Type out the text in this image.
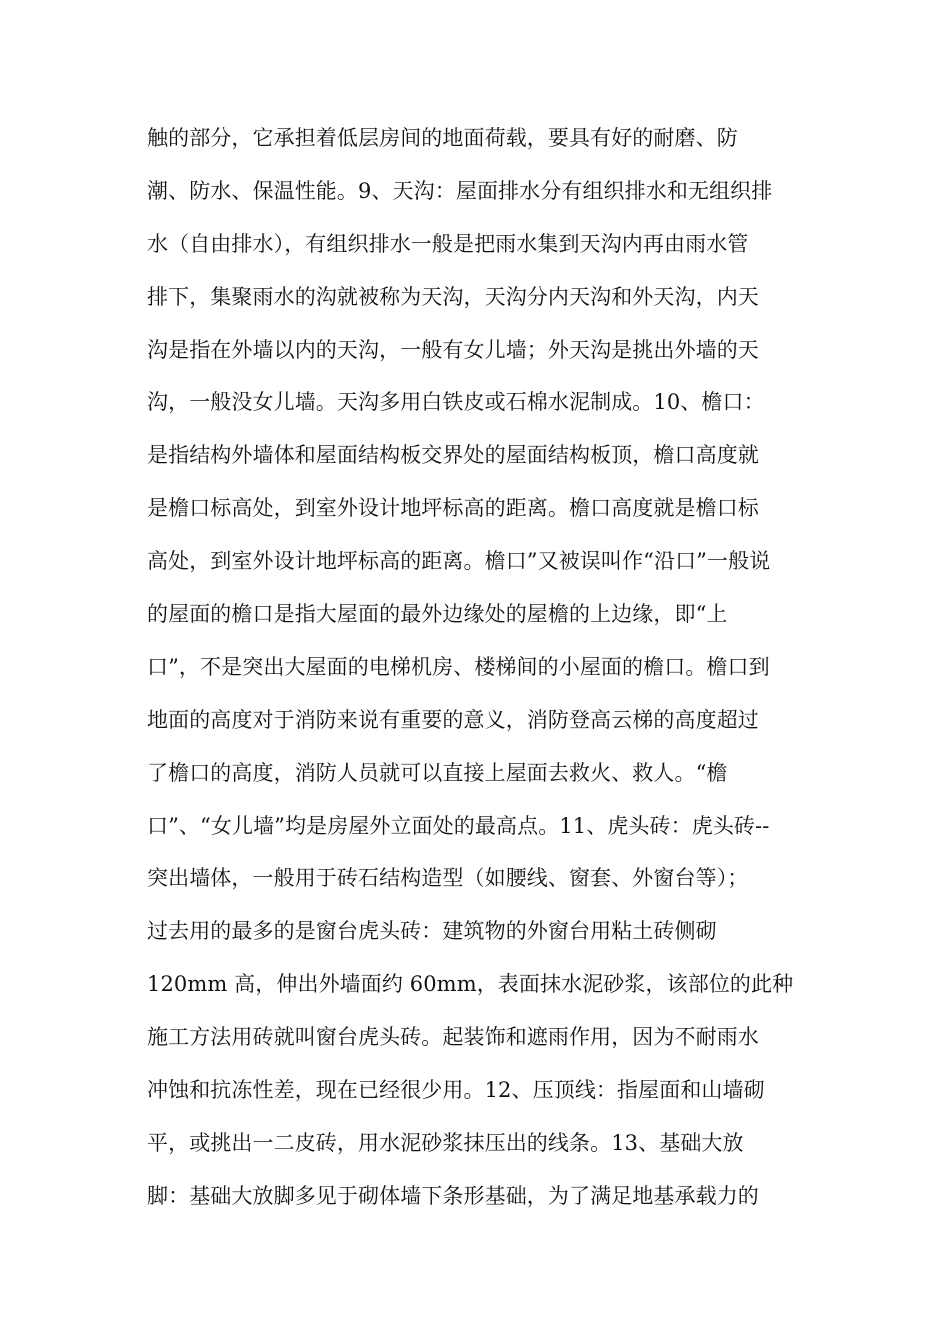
触的部分，它承担着低层房间的地面荷载，要具有好的耐磨、防
潮、防水、保温性能。9、天沟：屋面排水分有组织排水和无组织排
水（自由排水），有组织排水一般是把雨水集到天沟内再由雨水管
排下，集聚雨水的沟就被称为天沟，天沟分内天沟和外天沟，内天
沟是指在外墙以内的天沟，一般有女儿墙；外天沟是挑出外墙的天
沟，一般没女儿墙。天沟多用白铁皮或石棉水泥制成。10、檐口：
是指结构外墙体和屋面结构板交界处的屋面结构板顶，檐口高度就
是檐口标高处，到室外设计地坪标高的距离。檐口高度就是檐口标
高处，到室外设计地坪标高的距离。檐口”又被误叫作“沿口”一般说
的屋面的檐口是指大屋面的最外边缘处的屋檐的上边缘，即“上
口”，不是突出大屋面的电梯机房、楼梯间的小屋面的檐口。檐口到
地面的高度对于消防来说有重要的意义，消防登高云梯的高度超过
了檐口的高度，消防人员就可以直接上屋面去救火、救人。“檐
口”、“女儿墙”均是房屋外立面处的最高点。11、虎头砖：虎头砖--
突出墙体，一般用于砖石结构造型（如腰线、窗套、外窗台等）；
过去用的最多的是窗台虎头砖：建筑物的外窗台用粘土砖侧砌
120mm 高，伸出外墙面约 60mm，表面抹水泥砂浆，该部位的此种
施工方法用砖就叫窗台虎头砖。起装饰和遮雨作用，因为不耐雨水
冲蚀和抗冻性差，现在已经很少用。12、压顶线：指屋面和山墙砌
平，或挑出一二皮砖，用水泥砂浆抹压出的线条。13、基础大放
脚：基础大放脚多见于砌体墙下条形基础，为了满足地基承载力的
